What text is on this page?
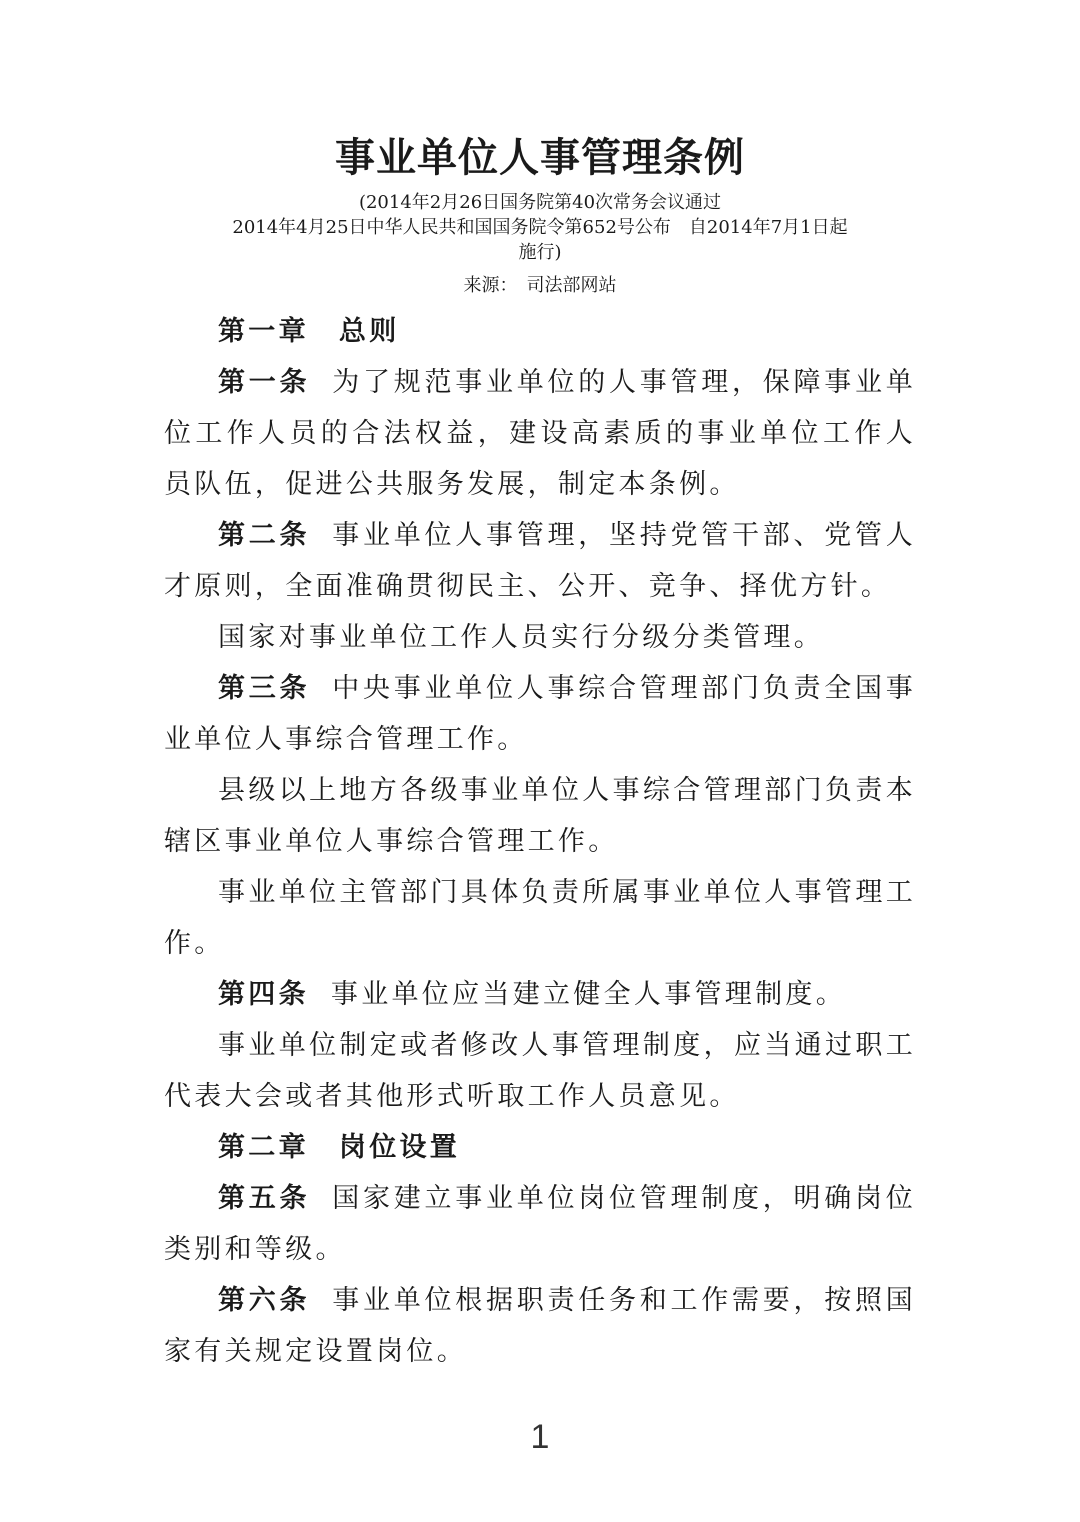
事业单位人事管理条例
(2014年2月26日国务院第40次常务会议通过
2014年4月25日中华人民共和国国务院令第652号公布　自2014年7月1日起
施行)
来源：　司法部网站

第一章 总则

第一条 为了规范事业单位的人事管理，保障事业单位工作人员的合法权益，建设高素质的事业单位工作人员队伍，促进公共服务发展，制定本条例。

第二条 事业单位人事管理，坚持党管干部、党管人才原则，全面准确贯彻民主、公开、竞争、择优方针。

国家对事业单位工作人员实行分级分类管理。

第三条 中央事业单位人事综合管理部门负责全国事业单位人事综合管理工作。

县级以上地方各级事业单位人事综合管理部门负责本辖区事业单位人事综合管理工作。

事业单位主管部门具体负责所属事业单位人事管理工作。

第四条 事业单位应当建立健全人事管理制度。

事业单位制定或者修改人事管理制度，应当通过职工代表大会或者其他形式听取工作人员意见。

第二章 岗位设置

第五条 国家建立事业单位岗位管理制度，明确岗位类别和等级。

第六条 事业单位根据职责任务和工作需要，按照国家有关规定设置岗位。

1
